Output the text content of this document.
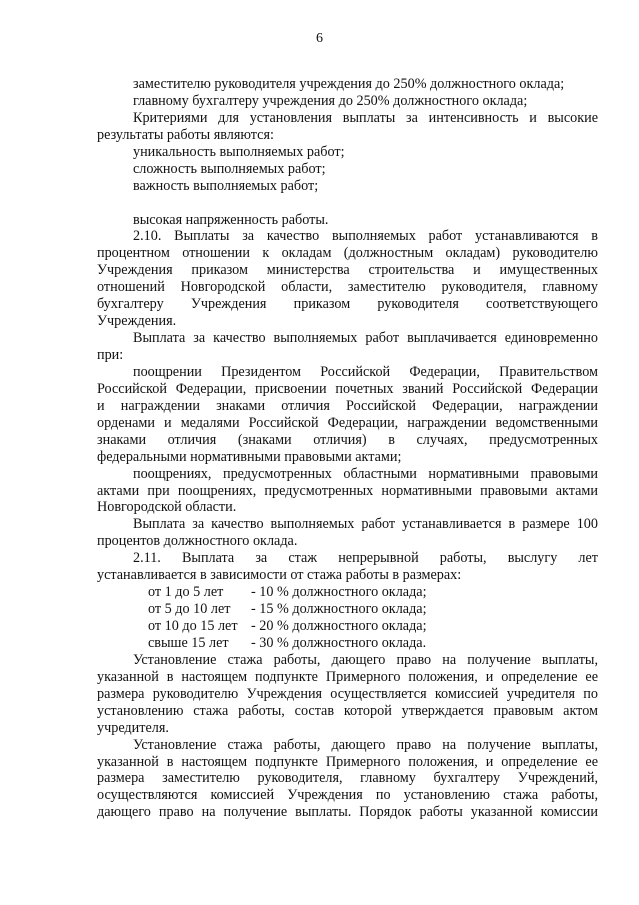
6
заместителю руководителя учреждения до 250% должностного оклада;
главному бухгалтеру учреждения до 250% должностного оклада;
Критериями для установления выплаты за интенсивность и высокие
результаты работы являются:
уникальность выполняемых работ;
сложность выполняемых работ;
важность выполняемых работ;
высокая напряженность работы.
2.10. Выплаты за качество выполняемых работ устанавливаются в
процентном отношении к окладам (должностным окладам) руководителю
Учреждения приказом министерства строительства и имущественных
отношений Новгородской области, заместителю руководителя, главному
бухгалтеру Учреждения приказом руководителя соответствующего
Учреждения.
Выплата за качество выполняемых работ выплачивается единовременно
при:
поощрении Президентом Российской Федерации, Правительством
Российской Федерации, присвоении почетных званий Российской Федерации
и награждении знаками отличия Российской Федерации, награждении
орденами и медалями Российской Федерации, награждении ведомственными
знаками отличия (знаками отличия) в случаях, предусмотренных
федеральными нормативными правовыми актами;
поощрениях, предусмотренных областными нормативными правовыми
актами при поощрениях, предусмотренных нормативными правовыми актами
Новгородской области.
Выплата за качество выполняемых работ устанавливается в размере 100
процентов должностного оклада.
2.11. Выплата за стаж непрерывной работы, выслугу лет
устанавливается в зависимости от стажа работы в размерах:
от 1 до 5 лет	- 10 % должностного оклада;
от 5 до 10 лет	- 15 % должностного оклада;
от 10 до 15 лет - 20 % должностного оклада;
свыше 15 лет	- 30 % должностного оклада.
Установление стажа работы, дающего право на получение выплаты,
указанной в настоящем подпункте Примерного положения, и определение ее
размера руководителю Учреждения осуществляется комиссией учредителя по
установлению стажа работы, состав которой утверждается правовым актом
учредителя.
Установление стажа работы, дающего право на получение выплаты,
указанной в настоящем подпункте Примерного положения, и определение ее
размера заместителю руководителя, главному бухгалтеру Учреждений,
осуществляются комиссией Учреждения по установлению стажа работы,
дающего право на получение выплаты. Порядок работы указанной комиссии
